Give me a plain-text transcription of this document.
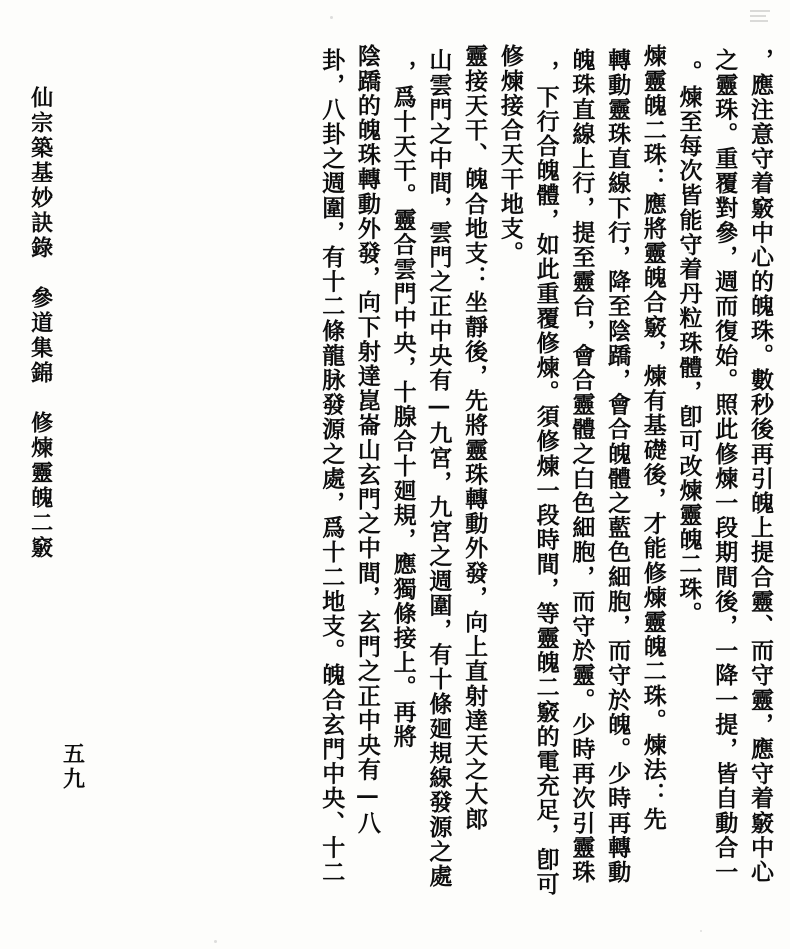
，應注意守着竅中心的魄珠。數秒後再引魄上提合靈、而守靈，應守着竅中心
之靈珠。重覆對參，週而復始。照此修煉一段期間後，一降一提，皆自動合一
。煉至每次皆能守着丹粒珠體，卽可改煉靈魄二珠。
煉靈魄二珠：應將靈魄合竅，煉有基礎後，才能修煉靈魄二珠。煉法：先
轉動靈珠直線下行，降至陰蹻，會合魄體之藍色細胞，而守於魄。少時再轉動
魄珠直線上行，提至靈台，會合靈體之白色細胞，而守於靈。少時再次引靈珠
，下行合魄體，如此重覆修煉。須修煉一段時間，等靈魄二竅的電充足，卽可
修煉接合天干地支。
靈接天干、魄合地支：坐靜後，先將靈珠轉動外發，向上直射達天之大郎
山雲門之中間，雲門之正中央有—九宮，九宮之週圍，有十條廻規線發源之處
，爲十天干。靈合雲門中央，十腺合十廻規，應獨條接上。再將
陰蹻的魄珠轉動外發，向下射達崑崙山玄門之中間，玄門之正中央有—八
卦，八卦之週圍，有十二條龍脉發源之處，爲十二地支。魄合玄門中央、十二
仙宗築基妙訣錄　參道集錦　修煉靈魄二竅
五九
